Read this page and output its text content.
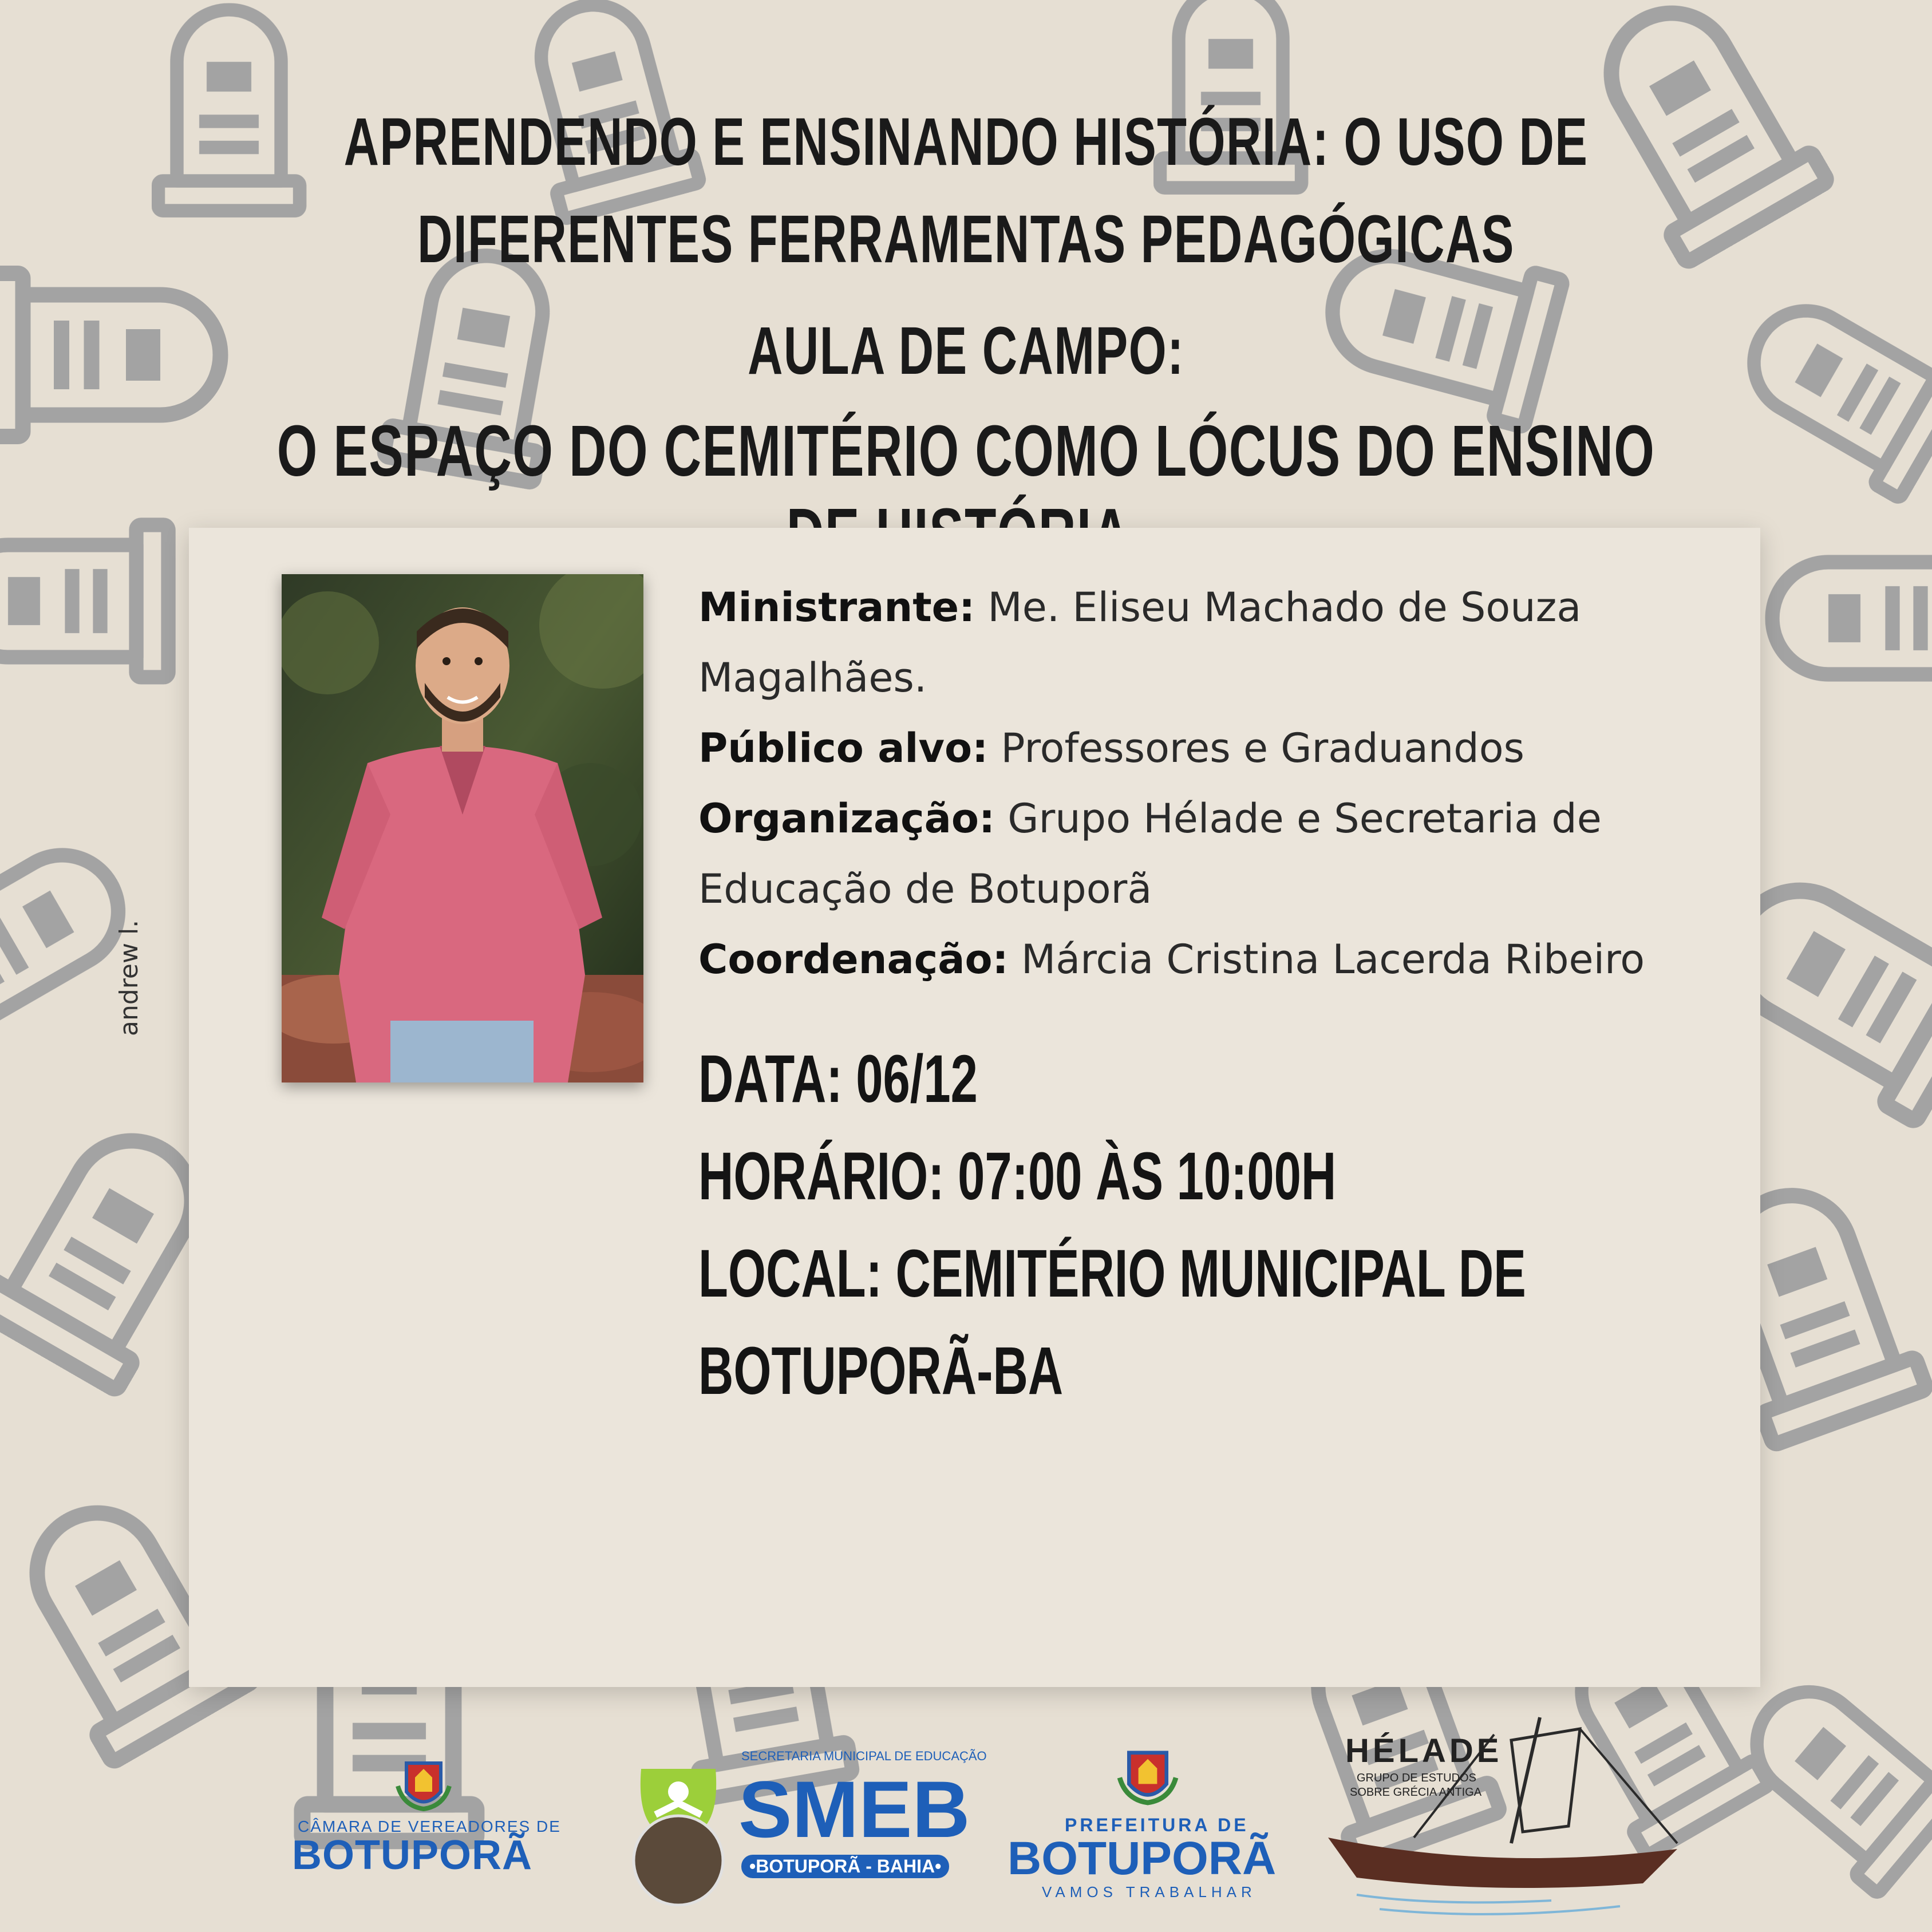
APRENDENDO E ENSINANDO HISTÓRIA: O USO DE
DIFERENTES FERRAMENTAS PEDAGÓGICAS
AULA DE CAMPO:
O ESPAÇO DO CEMITÉRIO COMO LÓCUS DO ENSINO
andrew l.
Ministrante: Me. Eliseu Machado de Souza Magalhães.
Público alvo: Professores e Graduandos
Organização: Grupo Hélade e Secretaria de Educação de Botuporã
Coordenação: Márcia Cristina Lacerda Ribeiro
DATA: 06/12
HORÁRIO: 07:00 ÀS 10:00H
LOCAL: CEMITÉRIO MUNICIPAL DE
BOTUPORÃ-BA
CÂMARA DE VEREADORES DE
BOTUPORÃ
SECRETARIA MUNICIPAL DE EDUCAÇÃO
SMEB
•BOTUPORÃ - BAHIA•
PREFEITURA DE
BOTUPORÃ
VAMOS TRABALHAR
HÉLADE
GRUPO DE ESTUDOS
SOBRE GRÉCIA ANTIGA
